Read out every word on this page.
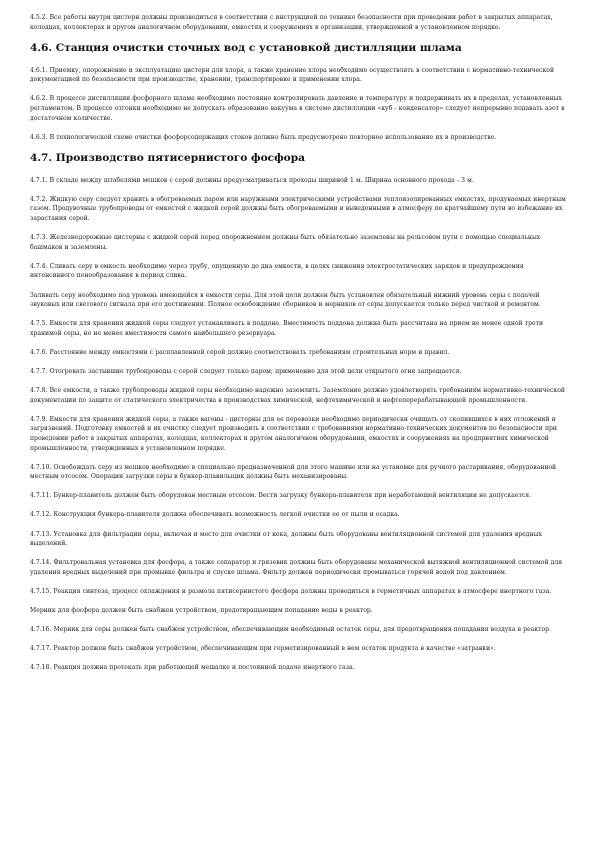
4.5.2. Все работы внутри цистерн должны производиться в соответствии с инструкцией по технике безопасности при проведении работ в закрытых аппаратах, колодцах, коллекторах и другом аналогичном оборудовании, емкостях и сооружениях в организации, утвержденной в установленном порядке.

4.6. Станция очистки сточных вод с установкой дистилляции шлама

4.6.1. Приемку, опорожнение и эксплуатацию цистерн для хлора, а также хранение хлора необходимо осуществлять в соответствии с нормативно-технической документацией по безопасности при производстве, хранении, транспортировке и применении хлора.

4.6.2. В процессе дистилляции фосфорного шлама необходимо постоянно контролировать давление и температуру и поддерживать их в пределах, установленных регламентом. В процессе отгонки необходимо не допускать образование вакуума в системе дистилляции «куб - конденсатор» следует непрерывно подавать азот в достаточном количестве.

4.6.3. В технологической схеме очистки фосфорсодержащих стоков должно быть предусмотрено повторное использование их в производстве.

4.7. Производство пятисернистого фосфора

4.7.1. В складе между штабелями мешков с серой должны предусматриваться проходы шириной 1 м. Ширина основного прохода - 3 м.

4.7.2. Жидкую серу следует хранить в обогреваемых паром или наружными электрическими устройствами теплоизолированных емкостях, продуваемых инертным газом. Продувочные трубопроводы от емкостей с жидкой серой должны быть обогреваемыми и выведенными в атмосферу по кратчайшему пути во избежание их зарастания серой.

4.7.3. Железнодорожные цистерны с жидкой серой перед опорожнением должны быть обязательно заземлены на рельсовом пути с помощью специальных башмаков и заземлены.

4.7.4. Сливать серу в емкость необходимо через трубу, опущенную до дна емкости, в целях снижения электростатических зарядов и предупреждения интенсивного пенообразования в период слива.

Заливать серу необходимо под уровень имеющейся в емкости серы. Для этой цели должен быть установлен обязательный нижний уровень серы с подачей звуковых или светового сигнала при его достижении. Полное освобождение сборников и мерников от серы допускается только перед чисткой и ремонтом.

4.7.5. Емкости для хранения жидкой серы следует устанавливать в поддоне. Вместимость поддона должна быть рассчитана на прием не менее одной трети хранимой серы, но не менее вместимости самого наибольшего резервуара.

4.7.6. Расстояние между емкостями с расплавленной серой должно соответствовать требованиям строительных норм и правил.

4.7.7. Отогревать застывшие трубопроводы с серой следует только паром; применение для этой цели открытого огня запрещается.

4.7.8. Все емкости, а также трубопроводы жидкой серы необходимо надежно заземлить. Заземление должно удовлетворять требованиям нормативно-технической документации по защите от статического электричества в производствах химической, нефтехимической и нефтеперерабатывающей промышленности.

4.7.9. Емкости для хранения жидкой серы, а также вагоны - цистерны для ее перевозки необходимо периодически очищать от скопившихся в них отложений и загрязнений. Подготовку емкостей и их очистку следует производить в соответствии с требованиями нормативно-технических документов по безопасности при проведении работ в закрытых аппаратах, колодцах, коллекторах и другом аналогичном оборудовании, емкостях и сооружениях на предприятиях химической промышленности, утвержденных в установленном порядке.

4.7.10. Освобождать серу из мешков необходимо в специально предназначенной для этого машине или на установке для ручного растаривания, оборудованной местным отсосом. Операции загрузки серы в бункер-плавильщик должны быть механизированы.

4.7.11. Бункер-плавитель должен быть оборудован местным отсосом. Вести загрузку бункера-плавителя при неработающей вентиляции не допускается.

4.7.12. Конструкция бункера-плавителя должна обеспечивать возможность легкой очистки ее от пыли и осадка.

4.7.13. Установка для фильтрации серы, включая и место для очистки от кека, должны быть оборудованы вентиляционной системой для удаления вредных выделений.

4.7.14. Фильтровальная установка для фосфора, а также сепаратор и грязевик должны быть оборудованы механической вытяжной вентиляционной системой для удаления вредных выделений при промывке фильтра и спуске шлама. Фильтр должен периодически промываться горячей водой под давлением.

4.7.15. Реакция синтеза, процесс охлаждения и размола пятисернистого фосфора должны проводиться в герметичных аппаратах в атмосфере инертного газа.

Мерник для фосфора должен быть снабжен устройством, предотвращающим попадание воды в реактор.

4.7.16. Мерник для серы должен быть снабжен устройством, обеспечивающим необходимый остаток серы, для предотвращения попадания воздуха в реактор.

4.7.17. Реактор должен быть снабжен устройством, обеспечивающим при герметизированный в нем остаток продукта в качестве «затравки».

4.7.18. Реакция должна протекать при работающей мешалке и постоянной подаче инертного газа.
